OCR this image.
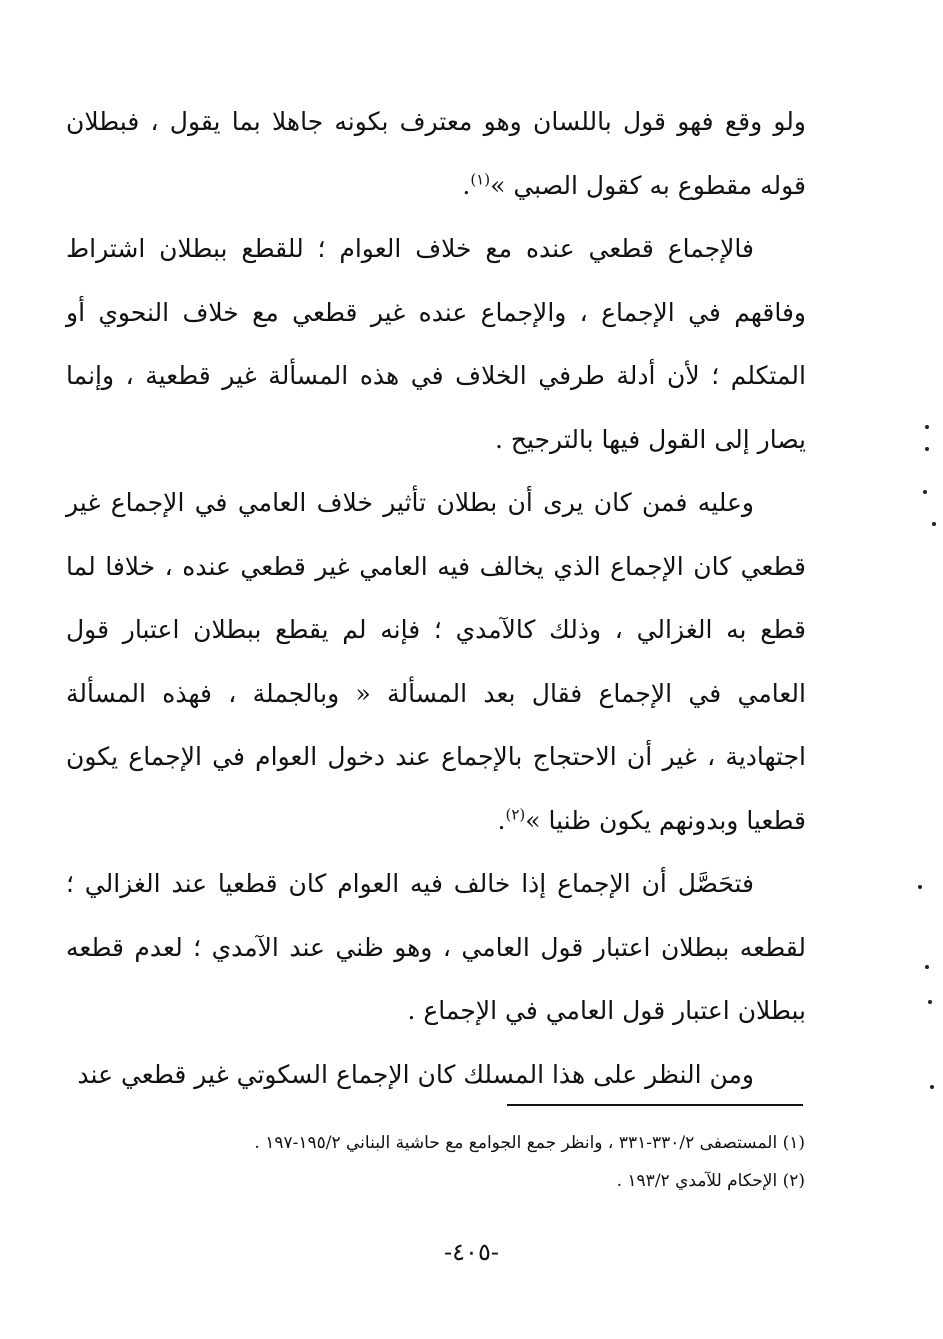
ولو وقع فهو قول باللسان وهو معترف بكونه جاهلا بما يقول ، فبطلان قوله مقطوع به كقول الصبي »$^{(١)}$.

فالإجماع قطعي عنده مع خلاف العوام ؛ للقطع ببطلان اشتراط وفاقهم في الإجماع ، والإجماع عنده غير قطعي مع خلاف النحوي أو المتكلم ؛ لأن أدلة طرفي الخلاف في هذه المسألة غير قطعية ، وإنما يصار إلى القول فيها بالترجيح .

وعليه فمن كان يرى أن بطلان تأثير خلاف العامي في الإجماع غير قطعي كان الإجماع الذي يخالف فيه العامي غير قطعي عنده ، خلافا لما قطع به الغزالي ، وذلك كالآمدي ؛ فإنه لم يقطع ببطلان اعتبار قول العامي في الإجماع فقال بعد المسألة « وبالجملة ، فهذه المسألة اجتهادية ، غير أن الاحتجاج بالإجماع عند دخول العوام في الإجماع يكون قطعيا وبدونهم يكون ظنيا »$^{(٢)}$.

فتحَصَّل أن الإجماع إذا خالف فيه العوام كان قطعيا عند الغزالي ؛ لقطعه ببطلان اعتبار قول العامي ، وهو ظني عند الآمدي ؛ لعدم قطعه ببطلان اعتبار قول العامي في الإجماع .

ومن النظر على هذا المسلك كان الإجماع السكوتي غير قطعي عند

(١) المستصفى ٣٣٠/٢-٣٣١ ، وانظر جمع الجوامع مع حاشية البناني ١٩٥/٢-١٩٧ .

(٢) الإحكام للآمدي ١٩٣/٢ .

-٤٠٥-
